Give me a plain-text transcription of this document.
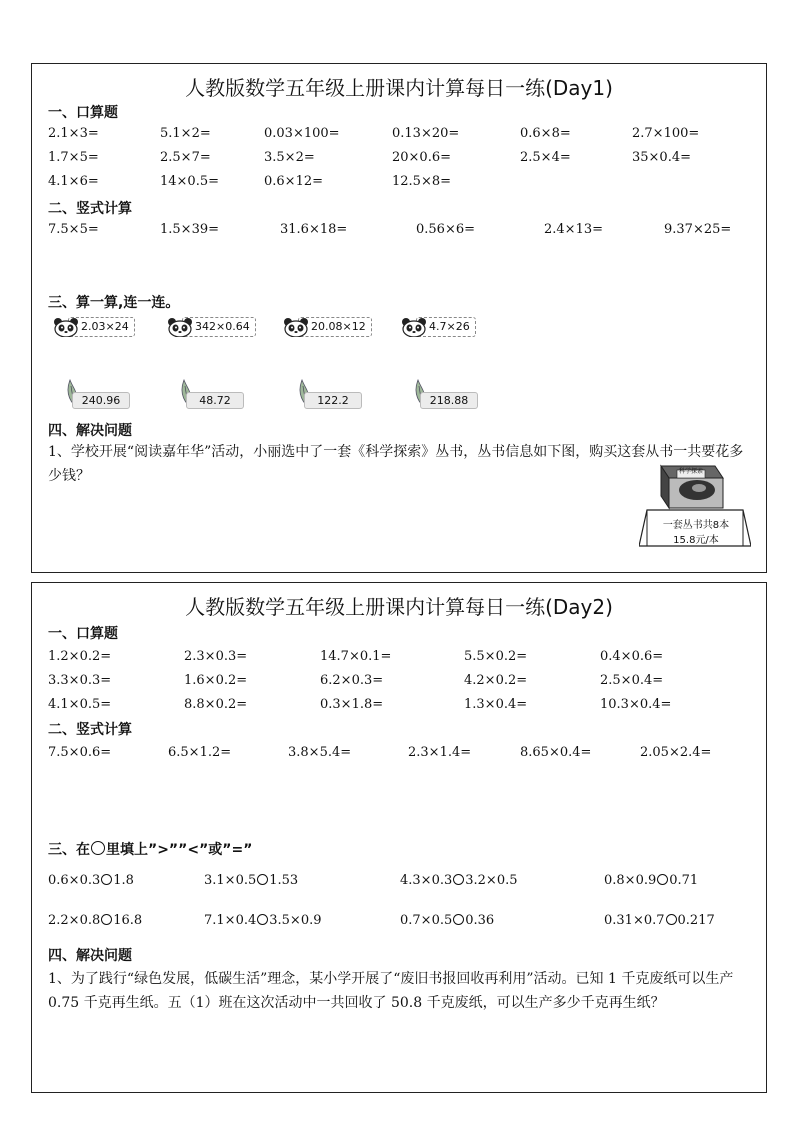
人教版数学五年级上册课内计算每日一练(Day1)
一、口算题
2.1×3=	5.1×2=	0.03×100=	0.13×20=	0.6×8=	2.7×100=
1.7×5=	2.5×7=	3.5×2=	20×0.6=	2.5×4=	35×0.4=
4.1×6=	14×0.5=	0.6×12=	12.5×8=
二、竖式计算
7.5×5=	1.5×39=	31.6×18=	0.56×6=	2.4×13=	9.37×25=
三、算一算,连一连。
2.03×24	342×0.64	20.08×12	4.7×26
240.96	48.72	122.2	218.88
四、解决问题
1、学校开展“阅读嘉年华”活动，小丽选中了一套《科学探索》丛书，丛书信息如下图，购买这套从书一共要花多少钱？	科学探索
一套丛书共8本
15.8元/本
人教版数学五年级上册课内计算每日一练(Day2)
一、口算题
1.2×0.2=	2.3×0.3=	14.7×0.1=	5.5×0.2=	0.4×0.6=
3.3×0.3=	1.6×0.2=	6.2×0.3=	4.2×0.2=	2.5×0.4=
4.1×0.5=	8.8×0.2=	0.3×1.8=	1.3×0.4=	10.3×0.4=
二、竖式计算
7.5×0.6=	6.5×1.2=	3.8×5.4=	2.3×1.4=	8.65×0.4=	2.05×2.4=
三、在 里填上”>””<”或”=”
0.6×0.3 1.8	3.1×0.5 1.53	4.3×0.3 3.2×0.5	0.8×0.9 0.71
2.2×0.8 16.8	7.1×0.4 3.5×0.9	0.7×0.5 0.36	0.31×0.7 0.217
四、解决问题
1、为了践行“绿色发展，低碳生活”理念，某小学开展了“废旧书报回收再利用”活动。已知 1 千克废纸可以生产 0.75 千克再生纸。五（1）班在这次活动中一共回收了 50.8 千克废纸，可以生产多少千克再生纸？
